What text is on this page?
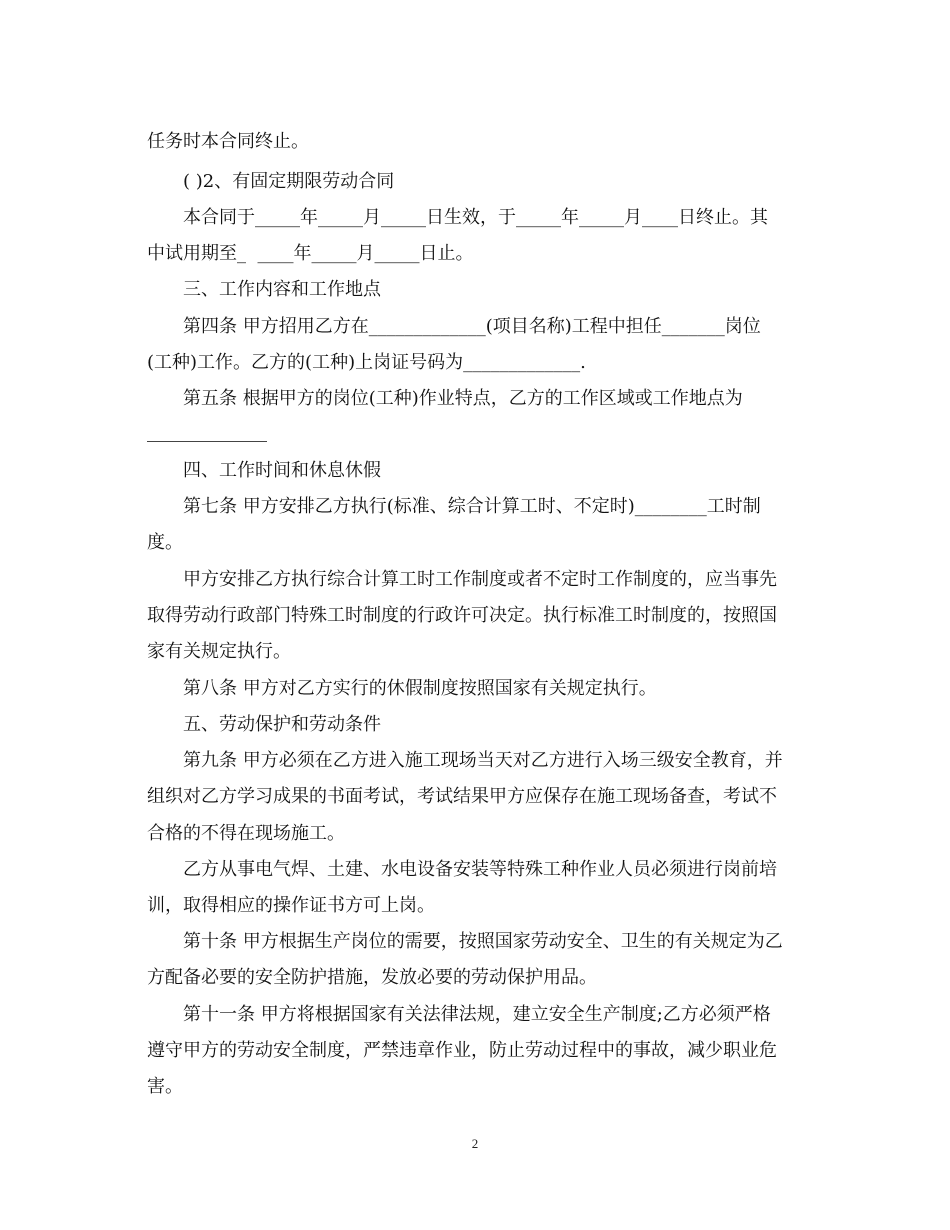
任务时本合同终止。
( )2、有固定期限劳动合同
本合同于_____年_____月_____日生效，于_____年_____月____日终止。其
中试用期至_  ____年_____月_____日止。
三、工作内容和工作地点
第四条 甲方招用乙方在_____________(项目名称)工程中担任_______岗位
(工种)工作。乙方的(工种)上岗证号码为_____________.
第五条 根据甲方的岗位(工种)作业特点，乙方的工作区域或工作地点为
四、工作时间和休息休假
第七条 甲方安排乙方执行(标准、综合计算工时、不定时)________工时制
度。
甲方安排乙方执行综合计算工时工作制度或者不定时工作制度的，应当事先
取得劳动行政部门特殊工时制度的行政许可决定。执行标准工时制度的，按照国
家有关规定执行。
第八条 甲方对乙方实行的休假制度按照国家有关规定执行。
五、劳动保护和劳动条件
第九条 甲方必须在乙方进入施工现场当天对乙方进行入场三级安全教育，并
组织对乙方学习成果的书面考试，考试结果甲方应保存在施工现场备查，考试不
合格的不得在现场施工。
乙方从事电气焊、土建、水电设备安装等特殊工种作业人员必须进行岗前培
训，取得相应的操作证书方可上岗。
第十条 甲方根据生产岗位的需要，按照国家劳动安全、卫生的有关规定为乙
方配备必要的安全防护措施，发放必要的劳动保护用品。
第十一条 甲方将根据国家有关法律法规，建立安全生产制度;乙方必须严格
遵守甲方的劳动安全制度，严禁违章作业，防止劳动过程中的事故，减少职业危
害。
2
